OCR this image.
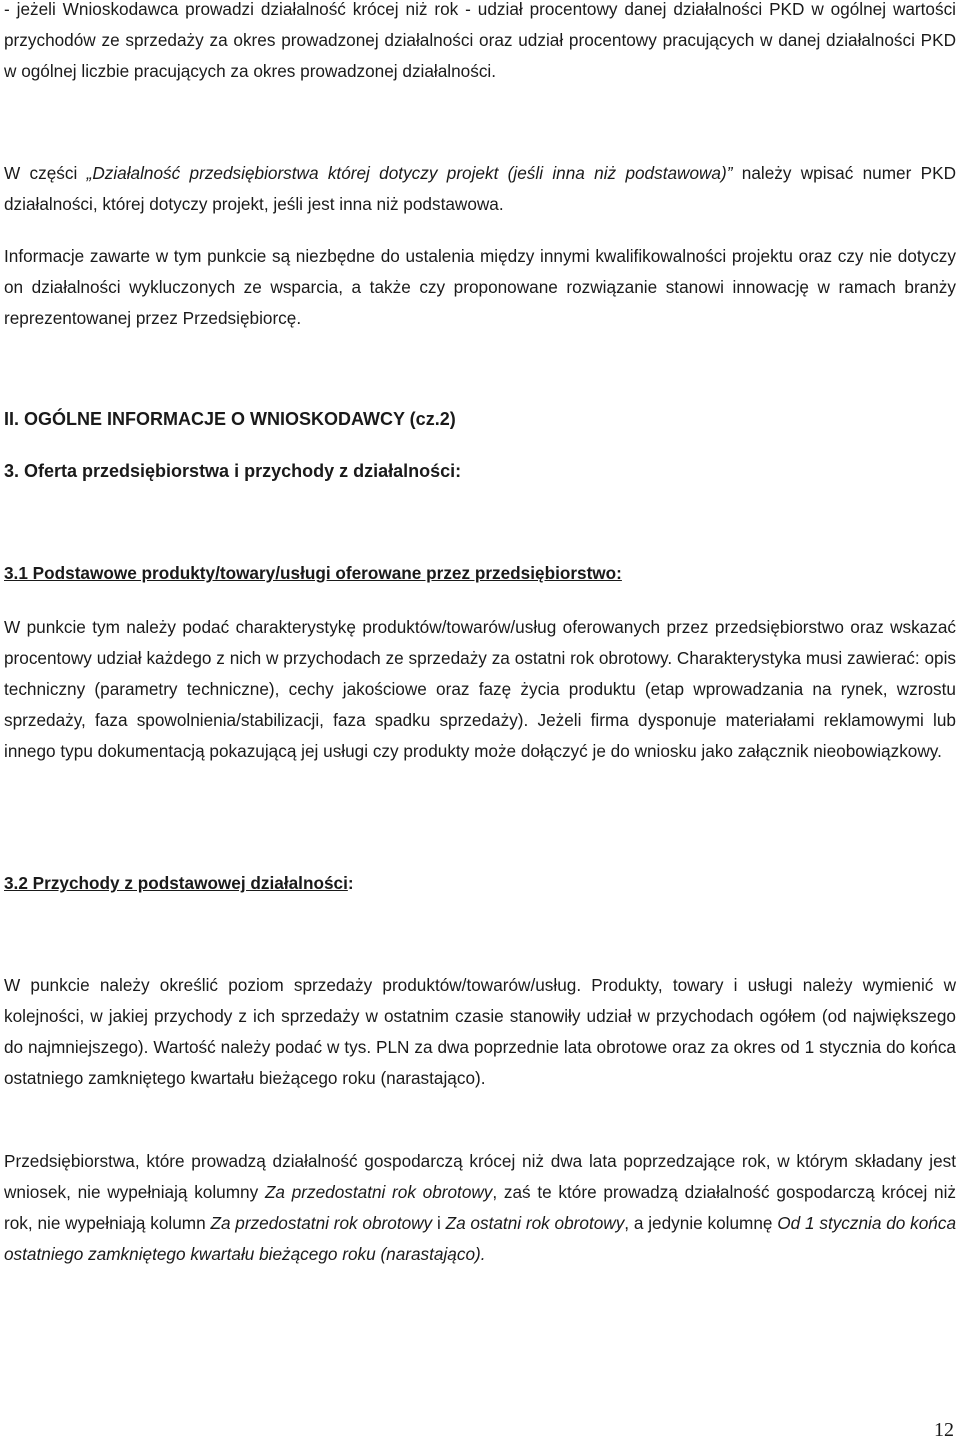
- jeżeli Wnioskodawca prowadzi działalność krócej niż rok - udział procentowy danej działalności PKD w ogólnej wartości przychodów ze sprzedaży za okres prowadzonej działalności oraz udział procentowy pracujących w danej działalności PKD w ogólnej liczbie pracujących za okres prowadzonej działalności.

W części „Działalność przedsiębiorstwa której dotyczy projekt (jeśli inna niż podstawowa)” należy wpisać numer PKD działalności, której dotyczy projekt, jeśli jest inna niż podstawowa.

Informacje zawarte w tym punkcie są niezbędne do ustalenia między innymi kwalifikowalności projektu oraz czy nie dotyczy on działalności wykluczonych ze wsparcia, a także czy proponowane rozwiązanie stanowi innowację w ramach branży reprezentowanej przez Przedsiębiorcę.

II. OGÓLNE INFORMACJE O WNIOSKODAWCY (cz.2)
3. Oferta przedsiębiorstwa i przychody z działalności:
3.1 Podstawowe produkty/towary/usługi oferowane przez przedsiębiorstwo:

W punkcie tym należy podać charakterystykę produktów/towarów/usług oferowanych przez przedsiębiorstwo oraz wskazać procentowy udział każdego z nich w przychodach ze sprzedaży za ostatni rok obrotowy. Charakterystyka musi zawierać: opis techniczny (parametry techniczne), cechy jakościowe oraz fazę życia produktu (etap wprowadzania na rynek, wzrostu sprzedaży, faza spowolnienia/stabilizacji, faza spadku sprzedaży). Jeżeli firma dysponuje materiałami reklamowymi lub innego typu dokumentacją pokazującą jej usługi czy produkty może dołączyć je do wniosku jako załącznik nieobowiązkowy.

3.2 Przychody z podstawowej działalności:

W punkcie należy określić poziom sprzedaży produktów/towarów/usług. Produkty, towary i usługi należy wymienić w kolejności, w jakiej przychody z ich sprzedaży w ostatnim czasie stanowiły udział w przychodach ogółem (od największego do najmniejszego). Wartość należy podać w tys. PLN za dwa poprzednie lata obrotowe oraz za okres od 1 stycznia do końca ostatniego zamkniętego kwartału bieżącego roku (narastająco).

Przedsiębiorstwa, które prowadzą działalność gospodarczą krócej niż dwa lata poprzedzające rok, w którym składany jest wniosek, nie wypełniają kolumny Za przedostatni rok obrotowy, zaś te które prowadzą działalność gospodarczą krócej niż rok, nie wypełniają kolumn Za przedostatni rok obrotowy i Za ostatni rok obrotowy, a jedynie kolumnę Od 1 stycznia do końca ostatniego zamkniętego kwartału bieżącego roku (narastająco).

12
